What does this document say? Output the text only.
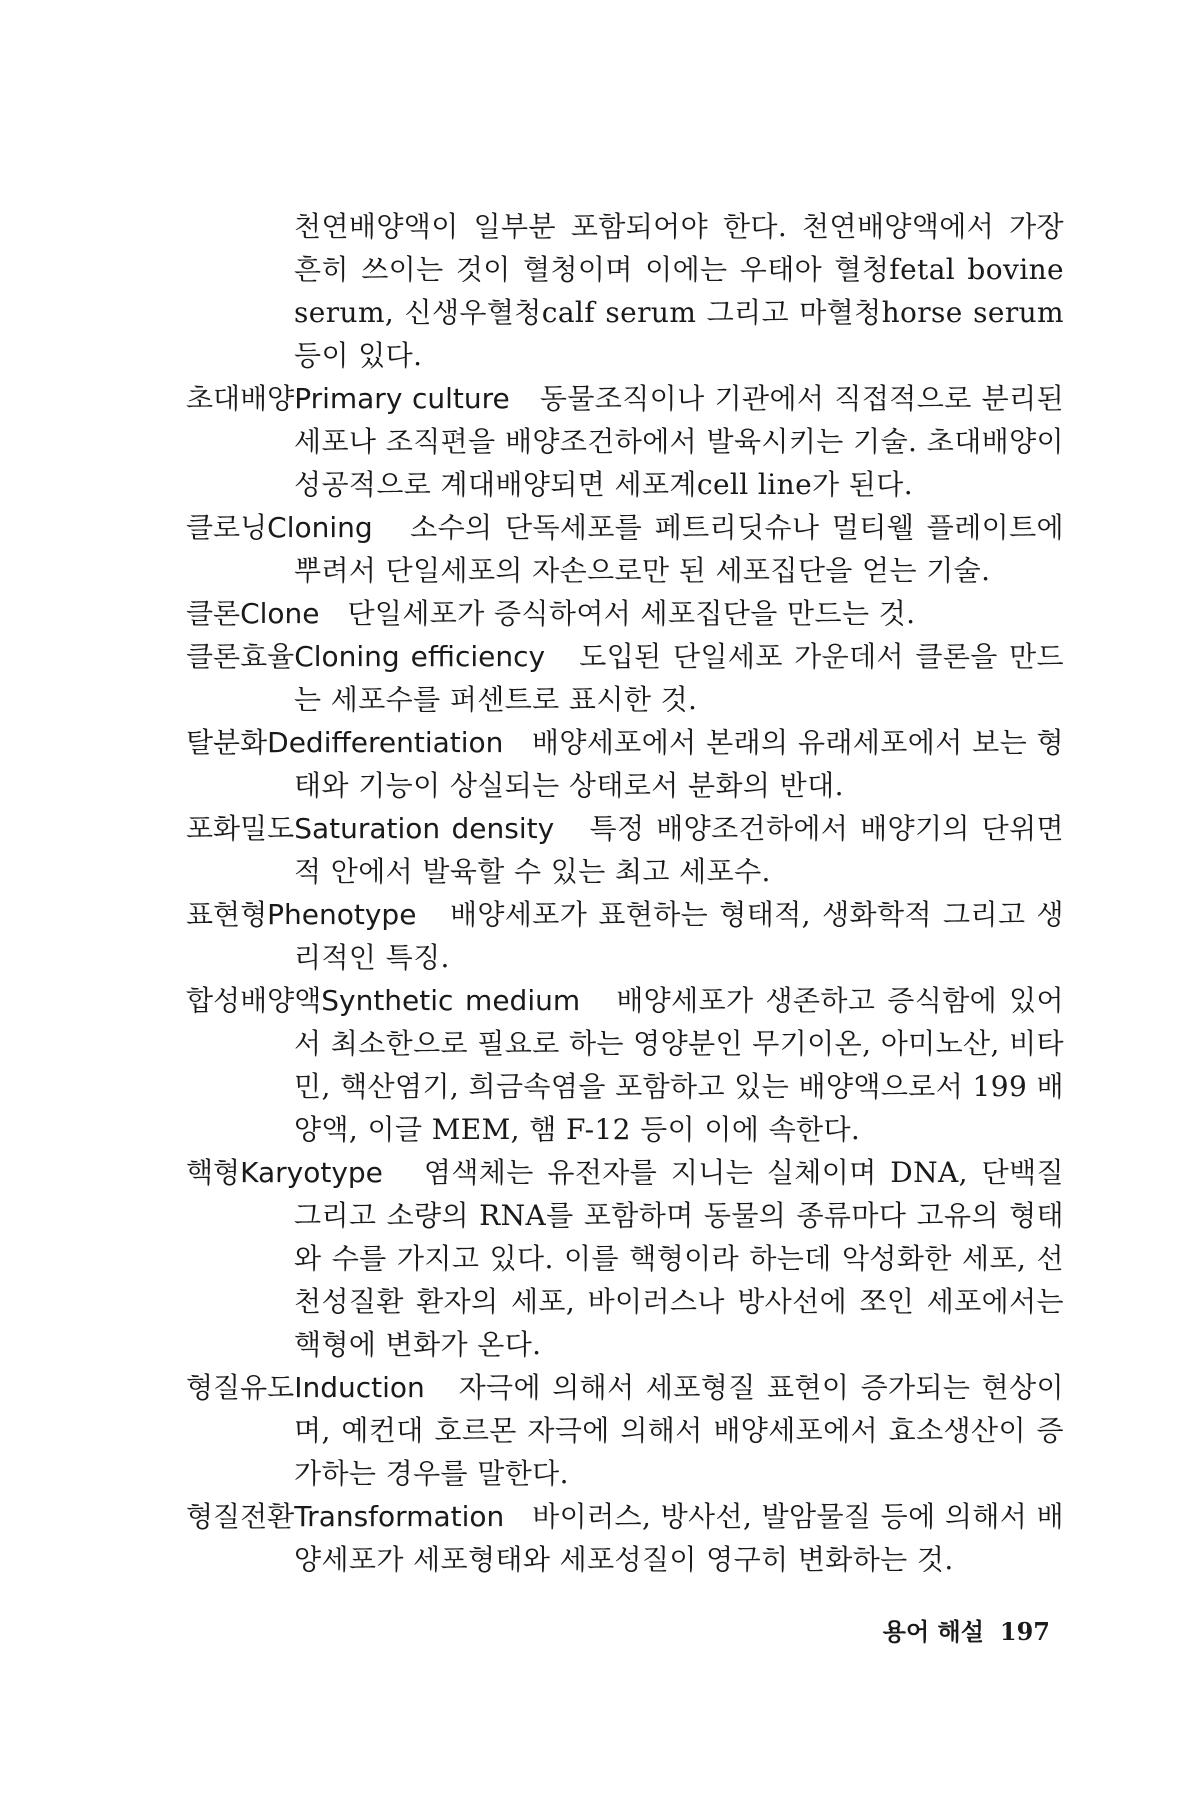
천연배양액이 일부분 포함되어야 한다. 천연배양액에서 가장 흔히 쓰이는 것이 혈청이며 이에는 우태아 혈청fetal bovine serum, 신생우혈청calf serum 그리고 마혈청horse serum 등이 있다.

초대배양Primary culture 동물조직이나 기관에서 직접적으로 분리된 세포나 조직편을 배양조건하에서 발육시키는 기술. 초대배양이 성공적으로 계대배양되면 세포계cell line가 된다.

클로닝Cloning 소수의 단독세포를 페트리딧슈나 멀티웰 플레이트에 뿌려서 단일세포의 자손으로만 된 세포집단을 얻는 기술.

클론Clone 단일세포가 증식하여서 세포집단을 만드는 것.

클론효율Cloning efficiency 도입된 단일세포 가운데서 클론을 만드는 세포수를 퍼센트로 표시한 것.

탈분화Dedifferentiation 배양세포에서 본래의 유래세포에서 보는 형태와 기능이 상실되는 상태로서 분화의 반대.

포화밀도Saturation density 특정 배양조건하에서 배양기의 단위면적 안에서 발육할 수 있는 최고 세포수.

표현형Phenotype 배양세포가 표현하는 형태적, 생화학적 그리고 생리적인 특징.

합성배양액Synthetic medium 배양세포가 생존하고 증식함에 있어서 최소한으로 필요로 하는 영양분인 무기이온, 아미노산, 비타민, 핵산염기, 희금속염을 포함하고 있는 배양액으로서 199 배양액, 이글 MEM, 햄 F-12 등이 이에 속한다.

핵형Karyotype 염색체는 유전자를 지니는 실체이며 DNA, 단백질 그리고 소량의 RNA를 포함하며 동물의 종류마다 고유의 형태와 수를 가지고 있다. 이를 핵형이라 하는데 악성화한 세포, 선천성질환 환자의 세포, 바이러스나 방사선에 쪼인 세포에서는 핵형에 변화가 온다.

형질유도Induction 자극에 의해서 세포형질 표현이 증가되는 현상이며, 예컨대 호르몬 자극에 의해서 배양세포에서 효소생산이 증가하는 경우를 말한다.

형질전환Transformation 바이러스, 방사선, 발암물질 등에 의해서 배양세포가 세포형태와 세포성질이 영구히 변화하는 것.

용어 해설 197
